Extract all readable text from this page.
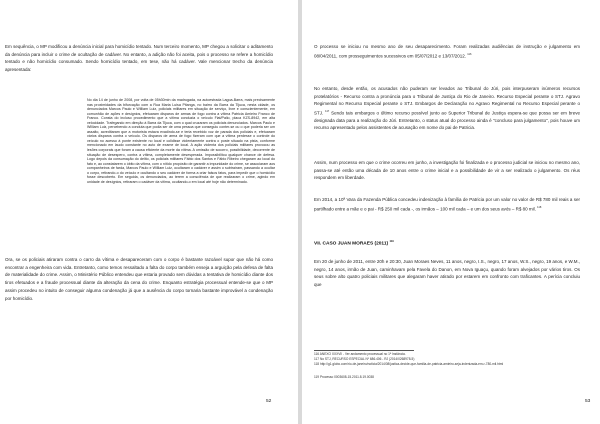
Em sequência, o MP modificou a denúncia inicial para homicídio tentado. Num terceiro momento, MP chegou a solicitar o aditamento da denúncia para incluir o crime de ocultação de cadáver. No entanto, a adição não foi aceita, pois o processo se refere a homicídio tentado e não homicídio consumado. Sendo homicídio tentado, em tese, não há cadáver. Vale mencionar trecho da denúncia apresentada:

No dia 14 de junho de 2008, por volta de 05h30min da madrugada, na autoestrada Lagoa-Barra, mais precisamente nas proximidades da bifurcação com a Rua Maria Luisa Pitanga, no bairro da Barra da Tijuca, nesta cidade, os denunciados Marcos Paulo e William Luiz, policiais militares em situação de serviço, livre e conscientemente, em comunhão de ações e desígnios, efetuaram disparos de armas de fogo contra a vítima Patricia Amieiro Franco de Franco. Consta do incluso procedimento que a vítima conduzia o veículo Fiat/Palio, placa KZS-8942, em alta velocidade. Trafegando em direção à Barra da Tijuca, com o qual cruzaram os policiais denunciados. Marcos Paulo e William Luiz, percebendo a conduta que podia ser de uma pessoa que conseguiu conter-se ou o que poderia ser um assalto, acreditaram que a motorista estava evadindo-se e teria recebido voz de parada dos policiais e, efetuaram vários disparos contra o veículo. Os disparos de arma de fogo fizeram com que a vítima perdesse o controle do veículo no acesso à ponte existente no local e colidisse violentamente contra o poste situado na pista, conforme mencionado em laudo constante no auto de exame de local. A ação violenta dos policiais militares provocou as lesões corporais que foram a causa eficiente da morte da vítima. A omissão de socorro, possibilidade, decorrente de situação de desespero, contra a vítima, completamente desesperada. Impossibilitou qualquer chance de defesa. Logo depois da consumação do delito, os policiais militares Fábio dos Santos e Fábio Ribeiro chegaram ao local do fato e, ao constatarem o óbito da vítima, com o nítido propósito de garantir a impunidade do crime, se associaram aos companheiros de farda, Marcos Paulo e William Luiz, ocultaram o cadáver e assim o subtraíram, passando a ocultar o corpo, retirando-o do veículo e ocultando o seu cadáver de forma a criar falsos fatos, para impedir que o homicídio fosse descoberto. Em seguida, os denunciados, ao terem a consciência de que realizaram o crime, agindo em unidade de desígnios, retiraram o cadáver da vítima, ocultando-o em local até hoje não determinado.

Ora, se os policiais atiraram contra o carro da vítima e desapareceram com o corpo é bastante razoável supor que não há como encontrar a engenheira com vida. Entretanto, como temos ressaltado a falta do corpo também enseja a arguição pela defesa de falta de materialidade do crime. Assim, o Ministério Público entendeu que estaria provado sem dúvidas a tentativa de homicídio diante dos tiros efetuados e a fraude processual diante da alteração da cena do crime. Enquanto estratégia processual entende-se que o MP assim procedeu no intuito de conseguir alguma condenação já que a ausência do corpo tornaria bastante improvável a condenação por homicídio.

52

O processo se iniciou no mesmo ano de seu desaparecimento. Foram realizadas audiências de instrução e julgamento em 08/04/2011, com prosseguimentos sucessivos em 05/07/2012 e 13/07/2012. $^{116}$

No entanto, desde então, os acusados não puderam ser levados ao Tribunal do Júri, pois interpuseram inúmeros recursos protelatórios - Recurso contra a pronúncia para o Tribunal de Justiça do Rio de Janeiro. Recurso Especial perante o STJ. Agravo Regimental no Recurso Especial perante o STJ. Embargos de Declaração no Agravo Regimental no Recurso Especial perante o STJ. $^{117}$ Sendo tais embargos o último recurso possível junto ao Superior Tribunal de Justiça espera-se que possa ser em breve designada data para a realização do Júri. Entretanto, o status atual do processo ainda é "concluso para julgamento", pois houve um recurso apresentado pelos assistentes de acusação em nome do pai de Patricia.

Assim, num processo em que o crime ocorreu em junho, a investigação foi finalizada e o processo judicial se iniciou no mesmo ano, passa-se até então uma década de 10 anos entre o crime inicial e a possibilidade de vir a ser realizado o julgamento. Os réus respondem em liberdade.

Em 2014, a 10ª Vara da Fazenda Pública concedeu indenização à família de Patricia por um valor no valor de R$ 780 mil reais a ser partilhado entre a mãe e o pai - R$ 250 mil cada -, os irmãos – 100 mil cada – e um dos seus avós – R$ 80 mil. $^{118}$

VII. CASO JUAN MORAES (2011) $^{119}$

Em 20 de junho de 2011, entre 20h e 20:30, Juan Moraes Neves, 11 anos, negro, I.S., negro, 17 anos, W.S., negro, 19 anos, e W.M., negro, 14 anos, irmão de Juan, caminhavam pela Favela do Danon, em Nova Iguaçu, quando foram alvejados por vários tiros. Os seus sobre alto quatro policiais militares que alegaram haver atirado por estarem em confronto com traficantes. A perícia concluiu que

116 ANEXO XXXVII - Ver andamento processual no 1ª Instância.

117 No STJ, RECURSO ESPECIAL Nº 686.406 - RJ (2014/0268978-5)

118 http://g1.globo.com/rio-de-janeiro/noticia/2014/08/justica-decide-que-familia-de-patricia-amieiro-seja-indenizada-em-r-780-mil.html

119 Processo 0003608-15.2011.8.19.0038

53
